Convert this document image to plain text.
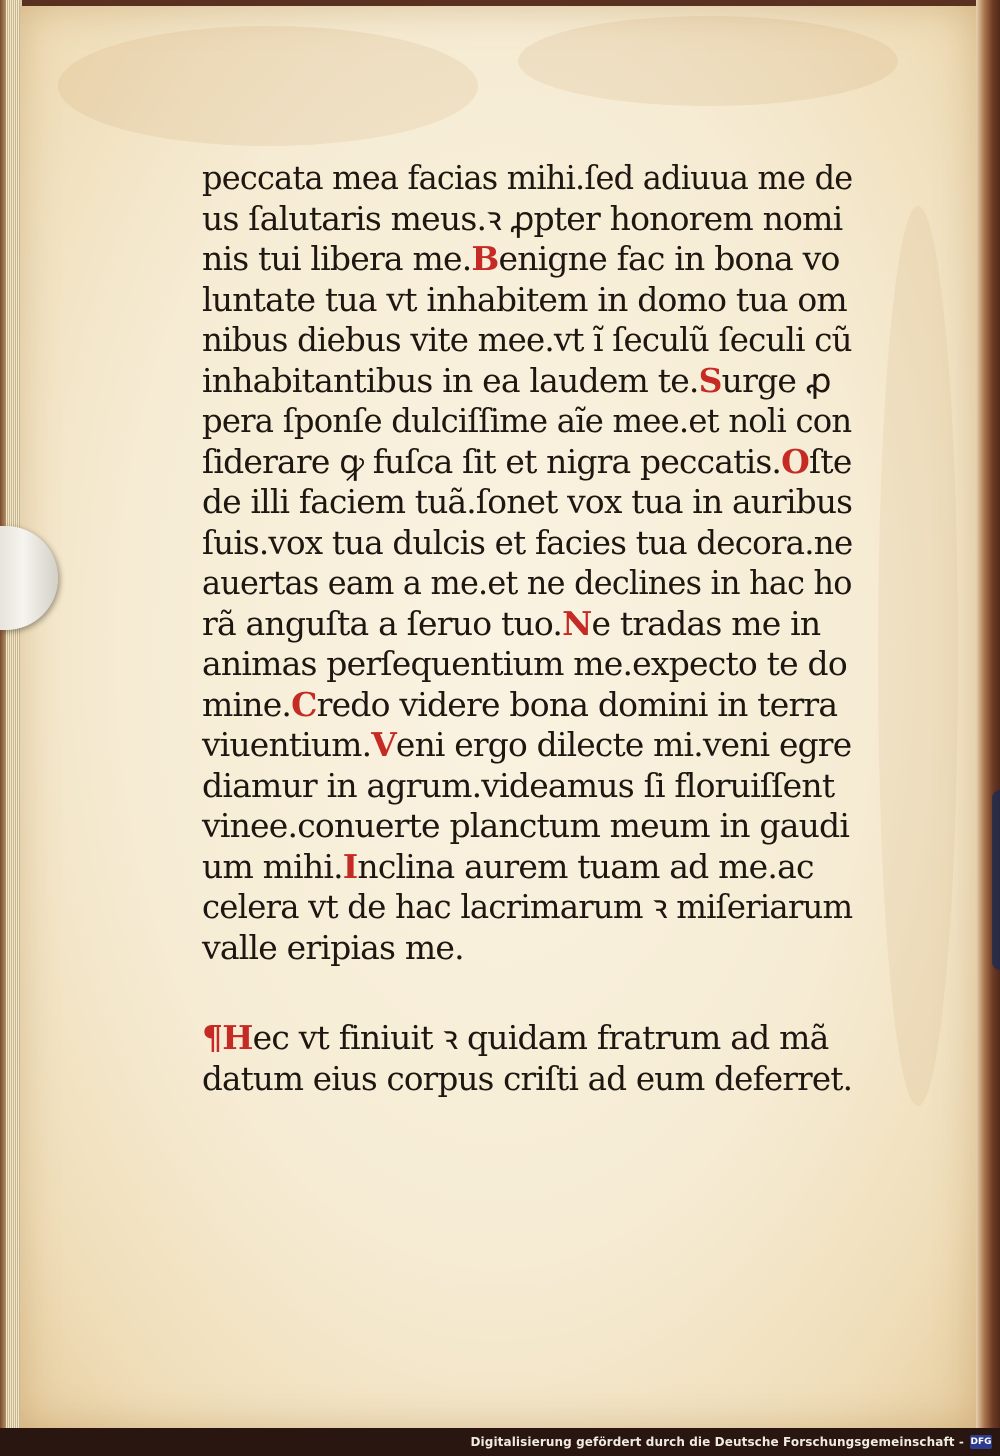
peccata mea facias mihi.ſed adiuua me de
us ſalutaris meus.ꝛ ꝓpter honorem nomi
nis tui libera me. B enigne fac in bona vo
luntate tua vt inhabitem in domo tua om
nibus diebus vite mee.vt ĩ ſeculũ ſeculi cũ
inhabitantibus in ea laudem te. S urge ꝓ
pera ſponſe dulciſſime aĩe mee.et noli con
ſiderare ꝙ fuſca ſit et nigra peccatis. O ſte
de illi faciem tuã.ſonet vox tua in auribus
ſuis.vox tua dulcis et facies tua decora.ne
auertas eam a me.et ne declines in hac ho
rã anguſta a ſeruo tuo. N e tradas me in
animas perſequentium me.expecto te do
mine. C redo videre bona domini in terra
viuentium. V eni ergo dilecte mi.veni egre
diamur in agrum.videamus ſi floruiſſent
vinee.conuerte planctum meum in gaudi
um mihi. I nclina aurem tuam ad me.ac
celera vt de hac lacrimarum ꝛ miſeriarum
valle eripias me.
¶ H ec vt finiuit ꝛ quidam fratrum ad mã
datum eius corpus criſti ad eum deferret.
Digitalisierung gefördert durch die Deutsche Forschungsgemeinschaft - DFG
